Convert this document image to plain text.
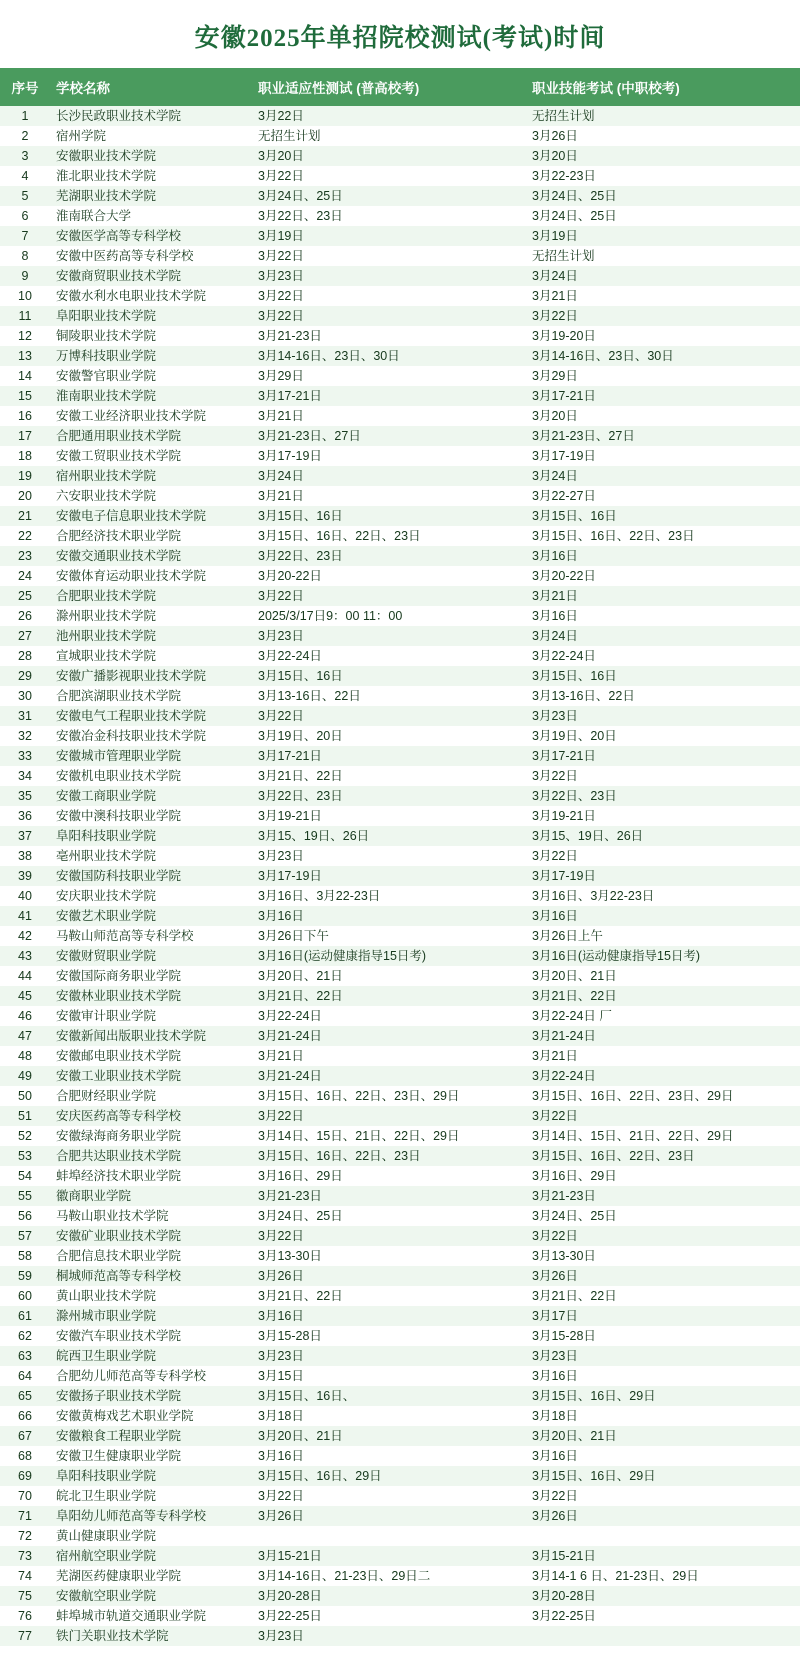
安徽2025年单招院校测试(考试)时间
序号	学校名称	职业适应性测试 (普高校考)	职业技能考试 (中职校考)
1	长沙民政职业技术学院	3月22日	无招生计划
2	宿州学院	无招生计划	3月26日
3	安徽职业技术学院	3月20日	3月20日
4	淮北职业技术学院	3月22日	3月22-23日
5	芜湖职业技术学院	3月24日、25日	3月24日、25日
6	淮南联合大学	3月22日、23日	3月24日、25日
7	安徽医学高等专科学校	3月19日	3月19日
8	安徽中医药高等专科学校	3月22日	无招生计划
9	安徽商贸职业技术学院	3月23日	3月24日
10	安徽水利水电职业技术学院	3月22日	3月21日
11	阜阳职业技术学院	3月22日	3月22日
12	铜陵职业技术学院	3月21-23日	3月19-20日
13	万博科技职业学院	3月14-16日、23日、30日	3月14-16日、23日、30日
14	安徽警官职业学院	3月29日	3月29日
15	淮南职业技术学院	3月17-21日	3月17-21日
16	安徽工业经济职业技术学院	3月21日	3月20日
17	合肥通用职业技术学院	3月21-23日、27日	3月21-23日、27日
18	安徽工贸职业技术学院	3月17-19日	3月17-19日
19	宿州职业技术学院	3月24日	3月24日
20	六安职业技术学院	3月21日	3月22-27日
21	安徽电子信息职业技术学院	3月15日、16日	3月15日、16日
22	合肥经济技术职业学院	3月15日、16日、22日、23日	3月15日、16日、22日、23日
23	安徽交通职业技术学院	3月22日、23日	3月16日
24	安徽体育运动职业技术学院	3月20-22日	3月20-22日
25	合肥职业技术学院	3月22日	3月21日
26	滁州职业技术学院	2025/3/17日9：00 11：00	3月16日
27	池州职业技术学院	3月23日	3月24日
28	宣城职业技术学院	3月22-24日	3月22-24日
29	安徽广播影视职业技术学院	3月15日、16日	3月15日、16日
30	合肥滨湖职业技术学院	3月13-16日、22日	3月13-16日、22日
31	安徽电气工程职业技术学院	3月22日	3月23日
32	安徽冶金科技职业技术学院	3月19日、20日	3月19日、20日
33	安徽城市管理职业学院	3月17-21日	3月17-21日
34	安徽机电职业技术学院	3月21日、22日	3月22日
35	安徽工商职业学院	3月22日、23日	3月22日、23日
36	安徽中澳科技职业学院	3月19-21日	3月19-21日
37	阜阳科技职业学院	3月15、19日、26日	3月15、19日、26日
38	亳州职业技术学院	3月23日	3月22日
39	安徽国防科技职业学院	3月17-19日	3月17-19日
40	安庆职业技术学院	3月16日、3月22-23日	3月16日、3月22-23日
41	安徽艺术职业学院	3月16日	3月16日
42	马鞍山师范高等专科学校	3月26日下午	3月26日上午
43	安徽财贸职业学院	3月16日(运动健康指导15日考)	3月16日(运动健康指导15日考)
44	安徽国际商务职业学院	3月20日、21日	3月20日、21日
45	安徽林业职业技术学院	3月21日、22日	3月21日、22日
46	安徽审计职业学院	3月22-24日	3月22-24日 厂
47	安徽新闻出版职业技术学院	3月21-24日	3月21-24日
48	安徽邮电职业技术学院	3月21日	3月21日
49	安徽工业职业技术学院	3月21-24日	3月22-24日
50	合肥财经职业学院	3月15日、16日、22日、23日、29日	3月15日、16日、22日、23日、29日
51	安庆医药高等专科学校	3月22日	3月22日
52	安徽绿海商务职业学院	3月14日、15日、21日、22日、29日	3月14日、15日、21日、22日、29日
53	合肥共达职业技术学院	3月15日、16日、22日、23日	3月15日、16日、22日、23日
54	蚌埠经济技术职业学院	3月16日、29日	3月16日、29日
55	徽商职业学院	3月21-23日	3月21-23日
56	马鞍山职业技术学院	3月24日、25日	3月24日、25日
57	安徽矿业职业技术学院	3月22日	3月22日
58	合肥信息技术职业学院	3月13-30日	3月13-30日
59	桐城师范高等专科学校	3月26日	3月26日
60	黄山职业技术学院	3月21日、22日	3月21日、22日
61	滁州城市职业学院	3月16日	3月17日
62	安徽汽车职业技术学院	3月15-28日	3月15-28日
63	皖西卫生职业学院	3月23日	3月23日
64	合肥幼儿师范高等专科学校	3月15日	3月16日
65	安徽扬子职业技术学院	3月15日、16日、	3月15日、16日、29日
66	安徽黄梅戏艺术职业学院	3月18日	3月18日
67	安徽粮食工程职业学院	3月20日、21日	3月20日、21日
68	安徽卫生健康职业学院	3月16日	3月16日
69	阜阳科技职业学院	3月15日、16日、29日	3月15日、16日、29日
70	皖北卫生职业学院	3月22日	3月22日
71	阜阳幼儿师范高等专科学校	3月26日	3月26日
72	黄山健康职业学院		
73	宿州航空职业学院	3月15-21日	3月15-21日
74	芜湖医药健康职业学院	3月14-16日、21-23日、29日二	3月14-1 6 日、21-23日、29日
75	安徽航空职业学院	3月20-28日	3月20-28日
76	蚌埠城市轨道交通职业学院	3月22-25日	3月22-25日
77	铁门关职业技术学院	3月23日	
